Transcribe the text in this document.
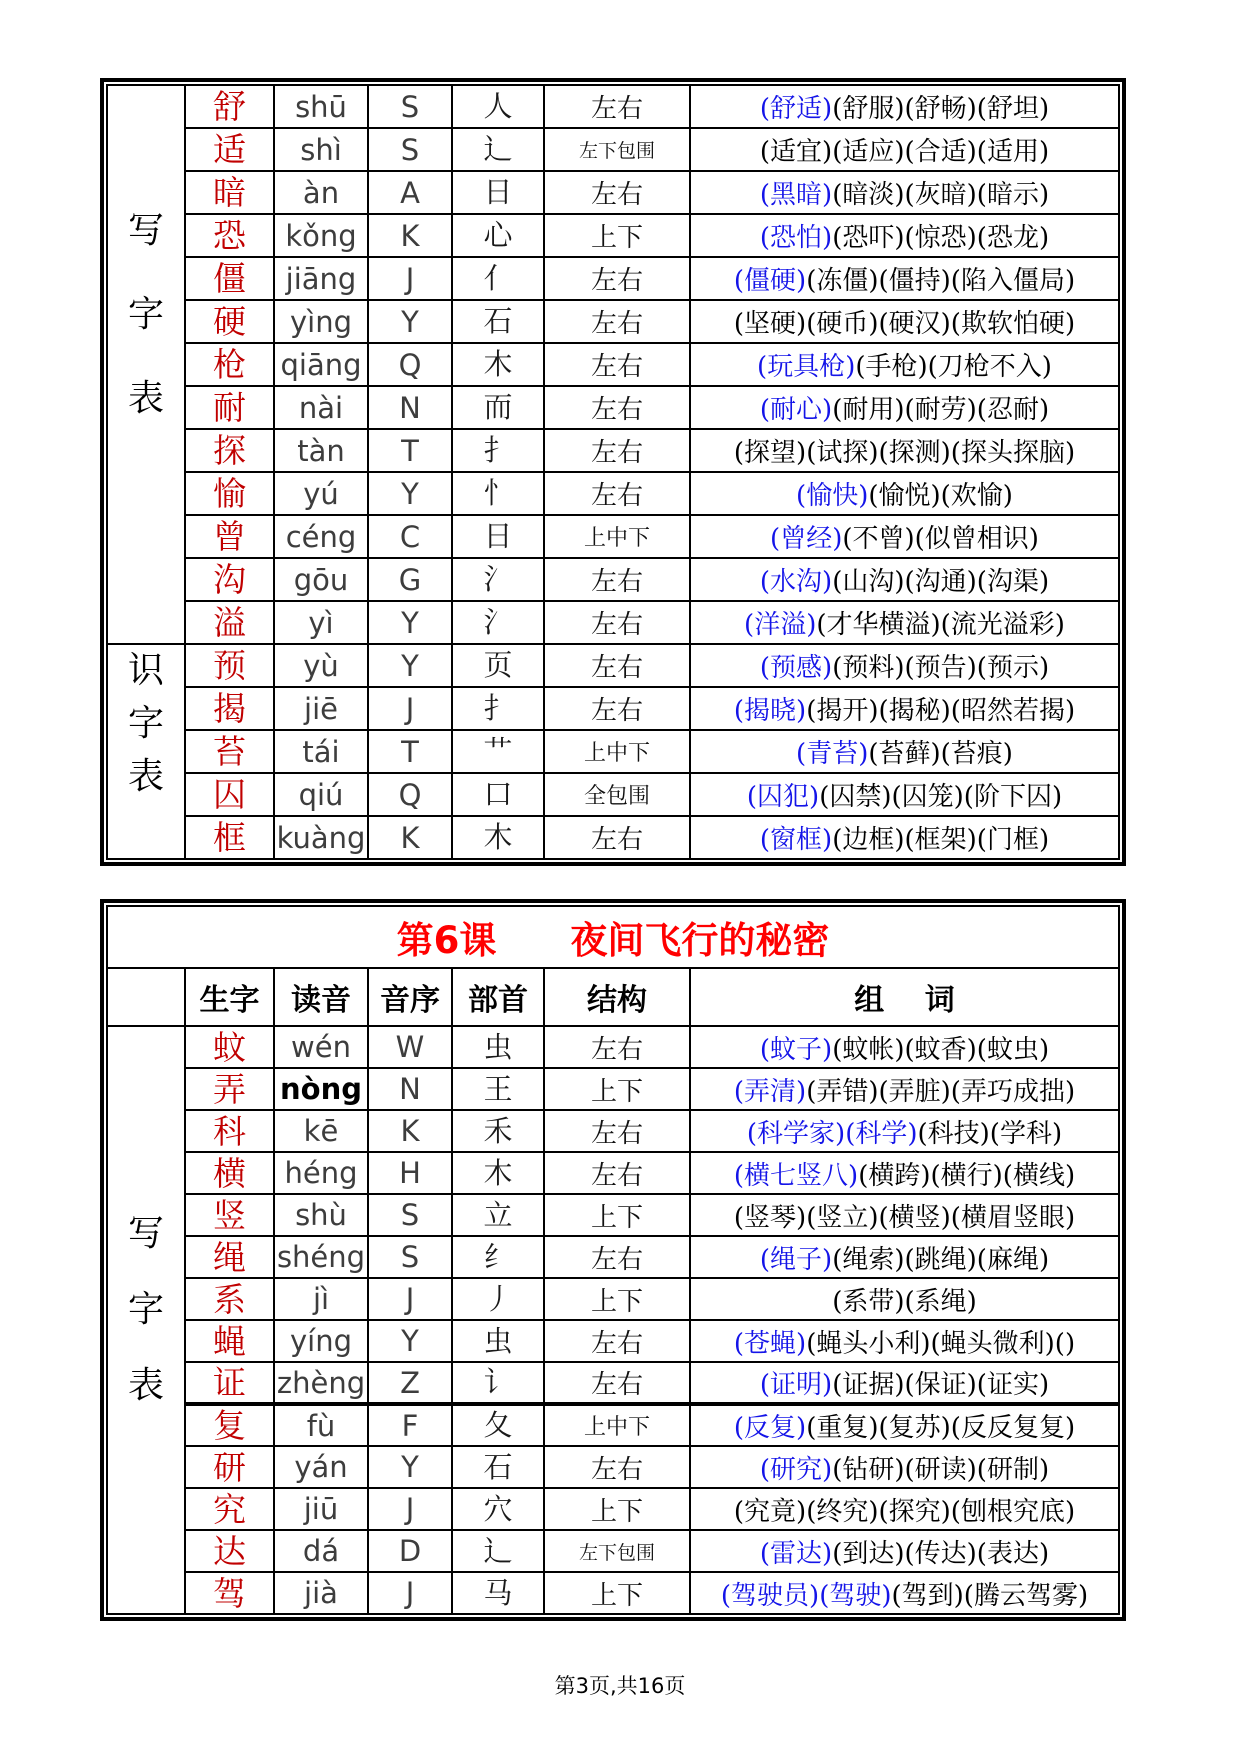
写
字
表	舒	shū	S	人	左右	(舒适)(舒服)(舒畅)(舒坦)
	适	shì	S	辶	左下包围	(适宜)(适应)(合适)(适用)
	暗	àn	A	日	左右	(黑暗)(暗淡)(灰暗)(暗示)
	恐	kǒng	K	心	上下	(恐怕)(恐吓)(惊恐)(恐龙)
	僵	jiāng	J	亻	左右	(僵硬)(冻僵)(僵持)(陷入僵局)
	硬	yìng	Y	石	左右	(坚硬)(硬币)(硬汉)(欺软怕硬)
	枪	qiāng	Q	木	左右	(玩具枪)(手枪)(刀枪不入)
	耐	nài	N	而	左右	(耐心)(耐用)(耐劳)(忍耐)
	探	tàn	T	扌	左右	(探望)(试探)(探测)(探头探脑)
	愉	yú	Y	忄	左右	(愉快)(愉悦)(欢愉)
	曾	céng	C	日	上中下	(曾经)(不曾)(似曾相识)
	沟	gōu	G	氵	左右	(水沟)(山沟)(沟通)(沟渠)
	溢	yì	Y	氵	左右	(洋溢)(才华横溢)(流光溢彩)

识
字
表	预	yù	Y	页	左右	(预感)(预料)(预告)(预示)
	揭	jiē	J	扌	左右	(揭晓)(揭开)(揭秘)(昭然若揭)
	苔	tái	T	艹	上中下	(青苔)(苔藓)(苔痕)
	囚	qiú	Q	口	全包围	(囚犯)(囚禁)(囚笼)(阶下囚)
	框	kuàng	K	木	左右	(窗框)(边框)(框架)(门框)
第6课　　夜间飞行的秘密						
	生字	读音	音序	部首	结构	组　 词

写
字
表	蚊	wén	W	虫	左右	(蚊子)(蚊帐)(蚊香)(蚊虫)
	弄	nòng	N	王	上下	(弄清)(弄错)(弄脏)(弄巧成拙)
	科	kē	K	禾	左右	(科学家)(科学)(科技)(学科)
	横	héng	H	木	左右	(横七竖八)(横跨)(横行)(横线)
	竖	shù	S	立	上下	(竖琴)(竖立)(横竖)(横眉竖眼)
	绳	shéng	S	纟	左右	(绳子)(绳索)(跳绳)(麻绳)
	系	jì	J	丿	上下	(系带)(系绳)
	蝇	yíng	Y	虫	左右	(苍蝇)(蝇头小利)(蝇头微利)()
	证	zhèng	Z	讠	左右	(证明)(证据)(保证)(证实)
	复	fù	F	夂	上中下	(反复)(重复)(复苏)(反反复复)
	研	yán	Y	石	左右	(研究)(钻研)(研读)(研制)
	究	jiū	J	穴	上下	(究竟)(终究)(探究)(刨根究底)
	达	dá	D	辶	左下包围	(雷达)(到达)(传达)(表达)
	驾	jià	J	马	上下	(驾驶员)(驾驶)(驾到)(腾云驾雾)
第3页,共16页
